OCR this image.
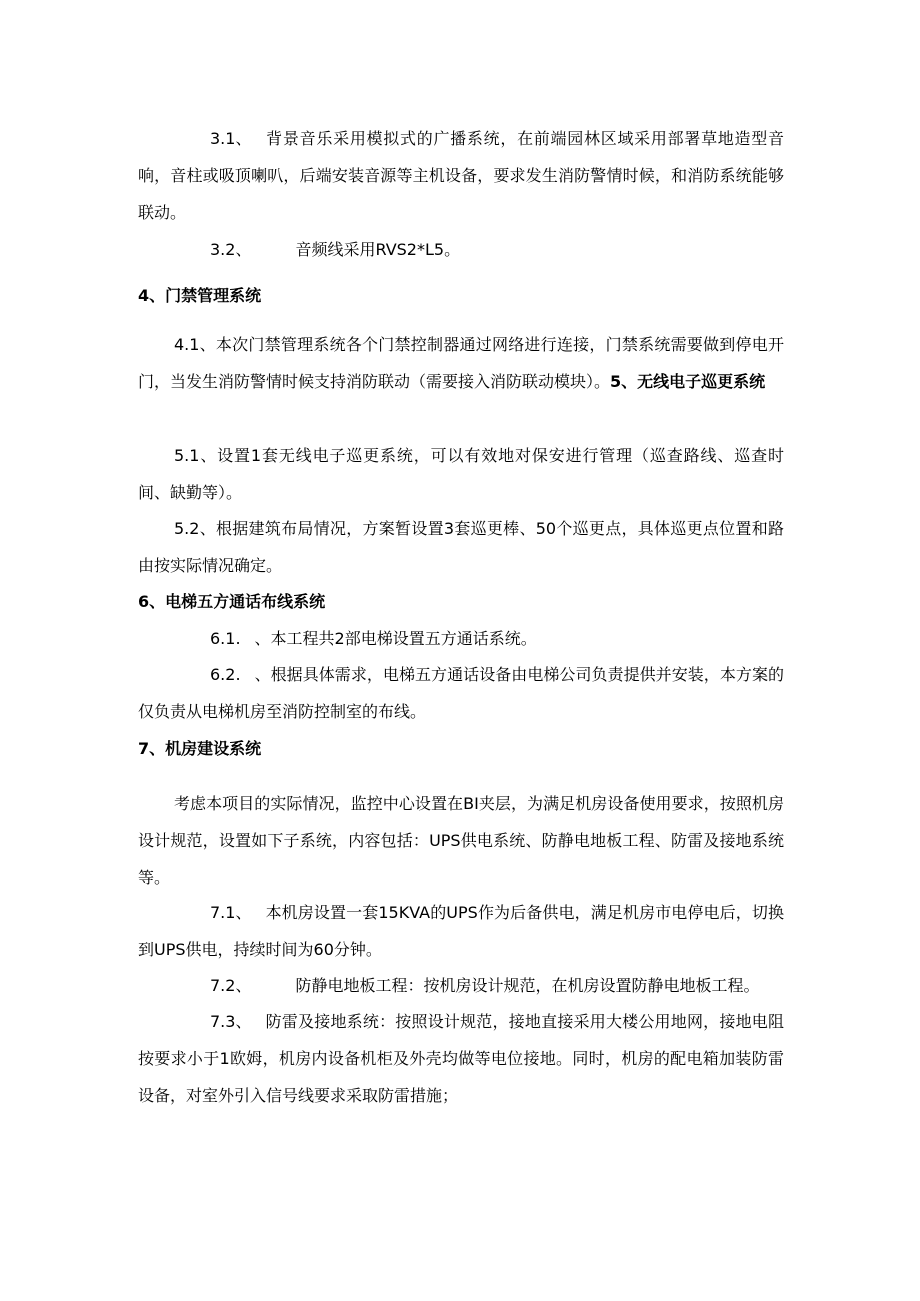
3.1、 背景音乐采用模拟式的广播系统，在前端园林区域采用部署草地造型音响，音柱或吸顶喇叭，后端安装音源等主机设备，要求发生消防警情时候，和消防系统能够联动。

3.2、	音频线采用RVS2*L5。

4、门禁管理系统

4.1、本次门禁管理系统各个门禁控制器通过网络进行连接，门禁系统需要做到停电开门，当发生消防警情时候支持消防联动（需要接入消防联动模块）。5、无线电子巡更系统

5.1、设置1套无线电子巡更系统，可以有效地对保安进行管理（巡查路线、巡查时间、缺勤等）。

5.2、根据建筑布局情况，方案暂设置3套巡更棒、50个巡更点，具体巡更点位置和路由按实际情况确定。

6、电梯五方通话布线系统

6.1. 、本工程共2部电梯设置五方通话系统。

6.2. 、根据具体需求，电梯五方通话设备由电梯公司负责提供并安装，本方案的仅负责从电梯机房至消防控制室的布线。

7、机房建设系统

考虑本项目的实际情况，监控中心设置在BI夹层，为满足机房设备使用要求，按照机房设计规范，设置如下子系统，内容包括：UPS供电系统、防静电地板工程、防雷及接地系统等。

7.1、 本机房设置一套15KVA的UPS作为后备供电，满足机房市电停电后，切换到UPS供电，持续时间为60分钟。

7.2、	防静电地板工程：按机房设计规范，在机房设置防静电地板工程。

7.3、 防雷及接地系统：按照设计规范，接地直接采用大楼公用地网，接地电阻按要求小于1欧姆，机房内设备机柜及外壳均做等电位接地。同时，机房的配电箱加装防雷设备，对室外引入信号线要求采取防雷措施；
